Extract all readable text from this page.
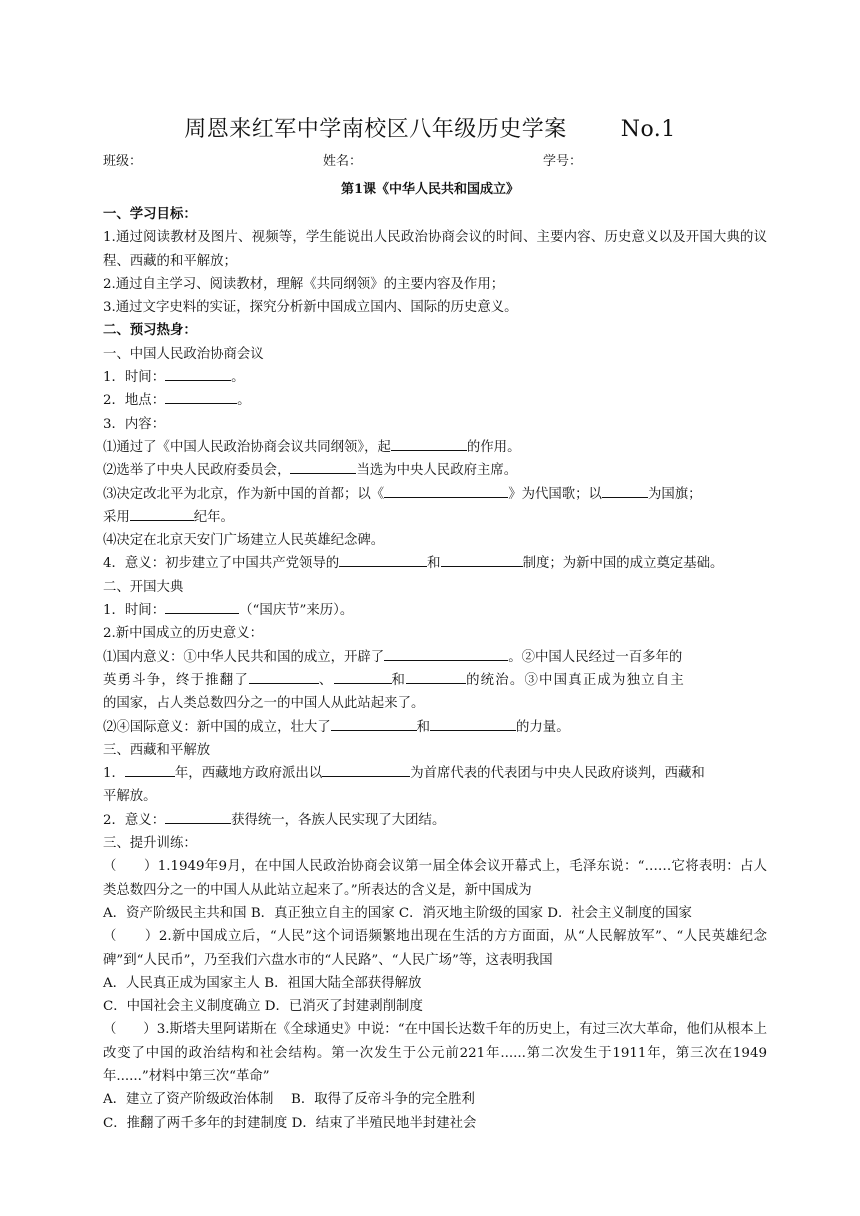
周恩来红军中学南校区八年级历史学案 No.1
班级：	姓名：	学号：
第1课《中华人民共和国成立》

一、学习目标：

1.通过阅读教材及图片、视频等，学生能说出人民政治协商会议的时间、主要内容、历史意义以及开国大典的议程、西藏的和平解放；

2.通过自主学习、阅读教材，理解《共同纲领》的主要内容及作用；

3.通过文字史料的实证，探究分析新中国成立国内、国际的历史意义。

二、预习热身：

一、中国人民政治协商会议

1．时间：	。

2．地点：	。

3．内容：

⑴通过了《中国人民政治协商会议共同纲领》，起	的作用。

⑵选举了中央人民政府委员会，	当选为中央人民政府主席。

⑶决定改北平为北京，作为新中国的首都；以《	》为代国歌；以	为国旗；

采用	纪年。

⑷决定在北京天安门广场建立人民英雄纪念碑。

4．意义：初步建立了中国共产党领导的	和	制度；为新中国的成立奠定基础。

二、开国大典

1．时间：	（“国庆节”来历）。

2.新中国成立的历史意义：

⑴国内意义：①中华人民共和国的成立，开辟了	。②中国人民经过一百多年的

英勇斗争，终于推翻了	、	和	的统治。③中国真正成为独立自主

的国家，占人类总数四分之一的中国人从此站起来了。

⑵④国际意义：新中国的成立，壮大了	和	的力量。

三、西藏和平解放

1．	年，西藏地方政府派出以	为首席代表的代表团与中央人民政府谈判，西藏和

平解放。

2．意义：	获得统一，各族人民实现了大团结。

三、提升训练：

（　　）1.1949年9月，在中国人民政治协商会议第一届全体会议开幕式上，毛泽东说：“……它将表明：占人类总数四分之一的中国人从此站立起来了。”所表达的含义是，新中国成为

A．资产阶级民主共和国 B．真正独立自主的国家 C．消灭地主阶级的国家 D．社会主义制度的国家

（　　）2.新中国成立后，“人民”这个词语频繁地出现在生活的方方面面，从“人民解放军”、“人民英雄纪念碑”到“人民币”，乃至我们六盘水市的“人民路”、“人民广场”等，这表明我国

A．人民真正成为国家主人 B．祖国大陆全部获得解放

C．中国社会主义制度确立 D．已消灭了封建剥削制度

（　　）3.斯塔夫里阿诺斯在《全球通史》中说：“在中国长达数千年的历史上，有过三次大革命，他们从根本上改变了中国的政治结构和社会结构。第一次发生于公元前221年......第二次发生于1911年，第三次在1949年......”材料中第三次“革命”

A．建立了资产阶级政治体制　 B．取得了反帝斗争的完全胜利

C．推翻了两千多年的封建制度 D．结束了半殖民地半封建社会
